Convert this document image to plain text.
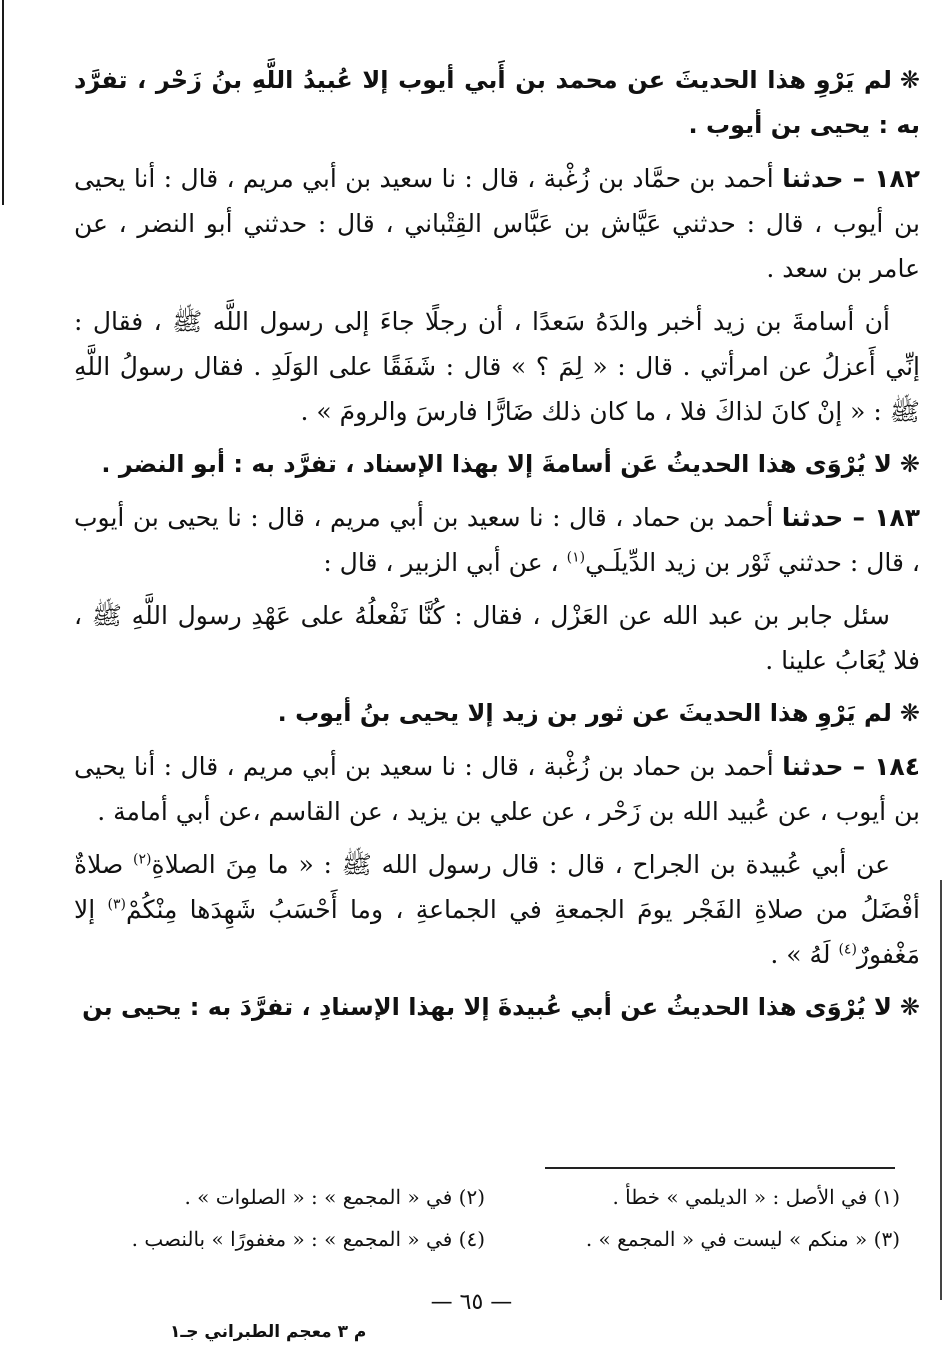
❋لم يَرْوِ هذا الحديثَ عن محمد بن أَبي أيوب إلا عُبيدُ اللَّهِ بنُ زَحْر ، تفرَّد به : يحيى بن أيوب .

١٨٢ – حدثنا أحمد بن حمَّاد بن زُغْبة ، قال : نا سعيد بن أبي مريم ، قال : أنا يحيى بن أيوب ، قال : حدثني عَيَّاش بن عَبَّاس القِتْباني ، قال : حدثني أبو النضر ، عن عامر بن سعد .

أن أسامةَ بن زيد أخبر والدَهُ سَعدًا ، أن رجلًا جاءَ إلى رسول اللَّه ﷺ ، فقال : إنِّي أَعزلُ عن امرأتي . قال : « لِمَ ؟ » قال : شَفَقًا على الوَلَدِ . فقال رسولُ اللَّهِ ﷺ : « إنْ كانَ لذاكَ فلا ، ما كان ذلك ضَارًّا فارسَ والرومَ » .

❋لا يُرْوَى هذا الحديثُ عَن أسامةَ إلا بهذا الإسناد ، تفرَّد به : أبو النضر .

١٨٣ – حدثنا أحمد بن حماد ، قال : نا سعيد بن أبي مريم ، قال : نا يحيى بن أيوب ، قال : حدثني ثَوْر بن زيد الدِّيلَـي$^{(١)}$ ، عن أبي الزبير ، قال :

سئل جابر بن عبد الله عن العَزْل ، فقال : كُنَّا نَفْعلُهُ على عَهْدِ رسول اللَّهِ ﷺ ، فلا يُعَابُ علينا .

❋لم يَرْوِ هذا الحديثَ عن ثور بن زيد إلا يحيى بنُ أيوب .

١٨٤ – حدثنا أحمد بن حماد بن زُغْبة ، قال : نا سعيد بن أبي مريم ، قال : أنا يحيى بن أيوب ، عن عُبيد الله بن زَحْر ، عن علي بن يزيد ، عن القاسم ،عن أبي أمامة .

عن أبي عُبيدة بن الجراح ، قال : قال رسول الله ﷺ : « ما مِنَ الصلاةِ$^{(٢)}$ صلاةٌ أفْضَلُ من صلاةِ الفَجْر يومَ الجمعةِ في الجماعةِ ، وما أَحْسَبُ شَهِدَها مِنْكُمْ$^{(٣)}$ إلا مَغْفورٌ$^{(٤)}$ لَهُ » .

❋لا يُرْوَى هذا الحديثُ عن أبي عُبيدةَ إلا بهذا الإسنادِ ، تفرَّدَ به : يحيى بن

(١) في الأصل : « الديلمي » خطأ .
(٢) في « المجمع » : « الصلوات » .
(٣) « منكم » ليست في « المجمع » .
(٤) في « المجمع » : « مغفورًا » بالنصب .
— ٦٥ —
م ٣ معجم الطبراني جـ١
